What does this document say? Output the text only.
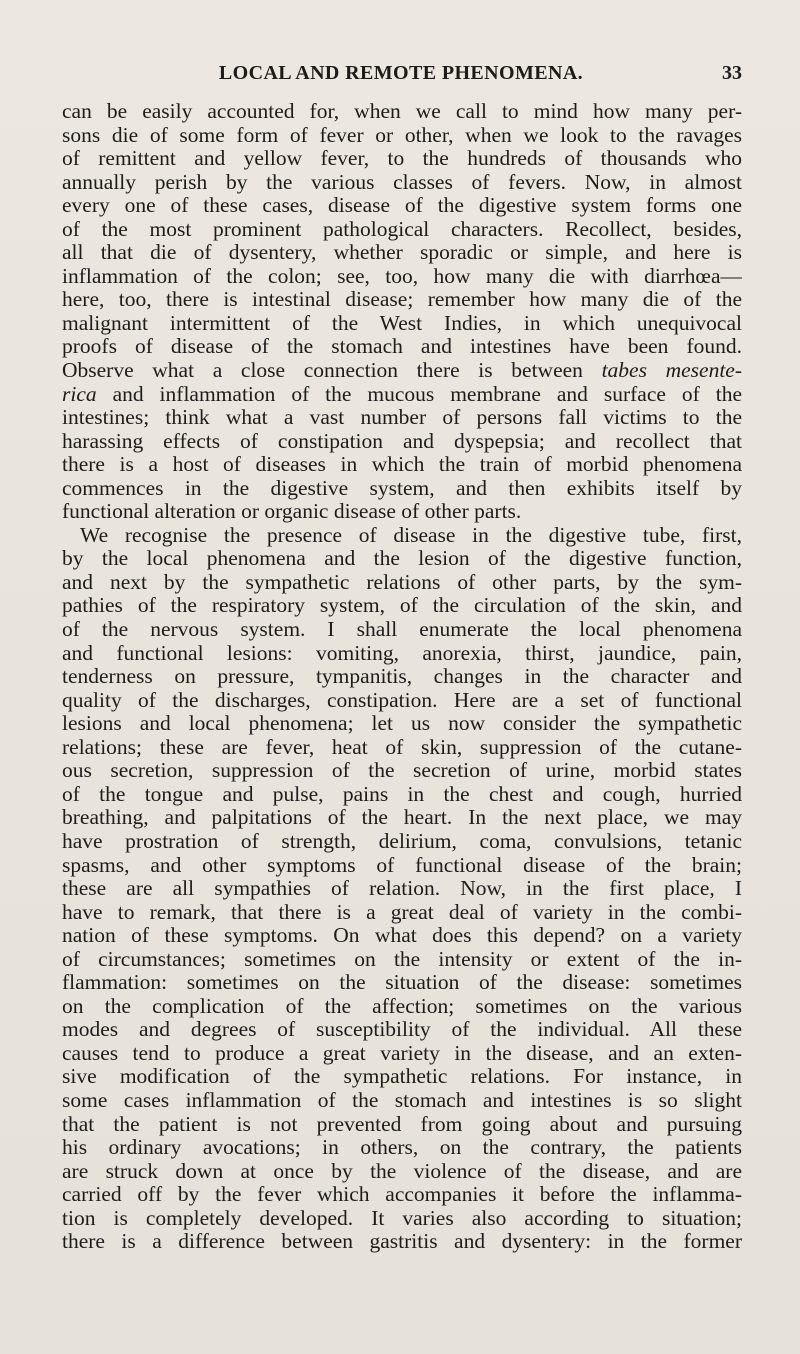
LOCAL AND REMOTE PHENOMENA.	33
can be easily accounted for, when we call to mind how many per-
sons die of some form of fever or other, when we look to the ravages
of remittent and yellow fever, to the hundreds of thousands who
annually perish by the various classes of fevers. Now, in almost
every one of these cases, disease of the digestive system forms one
of the most prominent pathological characters. Recollect, besides,
all that die of dysentery, whether sporadic or simple, and here is
inflammation of the colon; see, too, how many die with diarrhœa—
here, too, there is intestinal disease; remember how many die of the
malignant intermittent of the West Indies, in which unequivocal
proofs of disease of the stomach and intestines have been found.
Observe what a close connection there is between tabes mesente-
rica and inflammation of the mucous membrane and surface of the
intestines; think what a vast number of persons fall victims to the
harassing effects of constipation and dyspepsia; and recollect that
there is a host of diseases in which the train of morbid phenomena
commences in the digestive system, and then exhibits itself by
functional alteration or organic disease of other parts.
We recognise the presence of disease in the digestive tube, first,
by the local phenomena and the lesion of the digestive function,
and next by the sympathetic relations of other parts, by the sym-
pathies of the respiratory system, of the circulation of the skin, and
of the nervous system. I shall enumerate the local phenomena
and functional lesions: vomiting, anorexia, thirst, jaundice, pain,
tenderness on pressure, tympanitis, changes in the character and
quality of the discharges, constipation. Here are a set of functional
lesions and local phenomena; let us now consider the sympathetic
relations; these are fever, heat of skin, suppression of the cutane-
ous secretion, suppression of the secretion of urine, morbid states
of the tongue and pulse, pains in the chest and cough, hurried
breathing, and palpitations of the heart. In the next place, we may
have prostration of strength, delirium, coma, convulsions, tetanic
spasms, and other symptoms of functional disease of the brain;
these are all sympathies of relation. Now, in the first place, I
have to remark, that there is a great deal of variety in the combi-
nation of these symptoms. On what does this depend? on a variety
of circumstances; sometimes on the intensity or extent of the in-
flammation: sometimes on the situation of the disease: sometimes
on the complication of the affection; sometimes on the various
modes and degrees of susceptibility of the individual. All these
causes tend to produce a great variety in the disease, and an exten-
sive modification of the sympathetic relations. For instance, in
some cases inflammation of the stomach and intestines is so slight
that the patient is not prevented from going about and pursuing
his ordinary avocations; in others, on the contrary, the patients
are struck down at once by the violence of the disease, and are
carried off by the fever which accompanies it before the inflamma-
tion is completely developed. It varies also according to situation;
there is a difference between gastritis and dysentery: in the former
